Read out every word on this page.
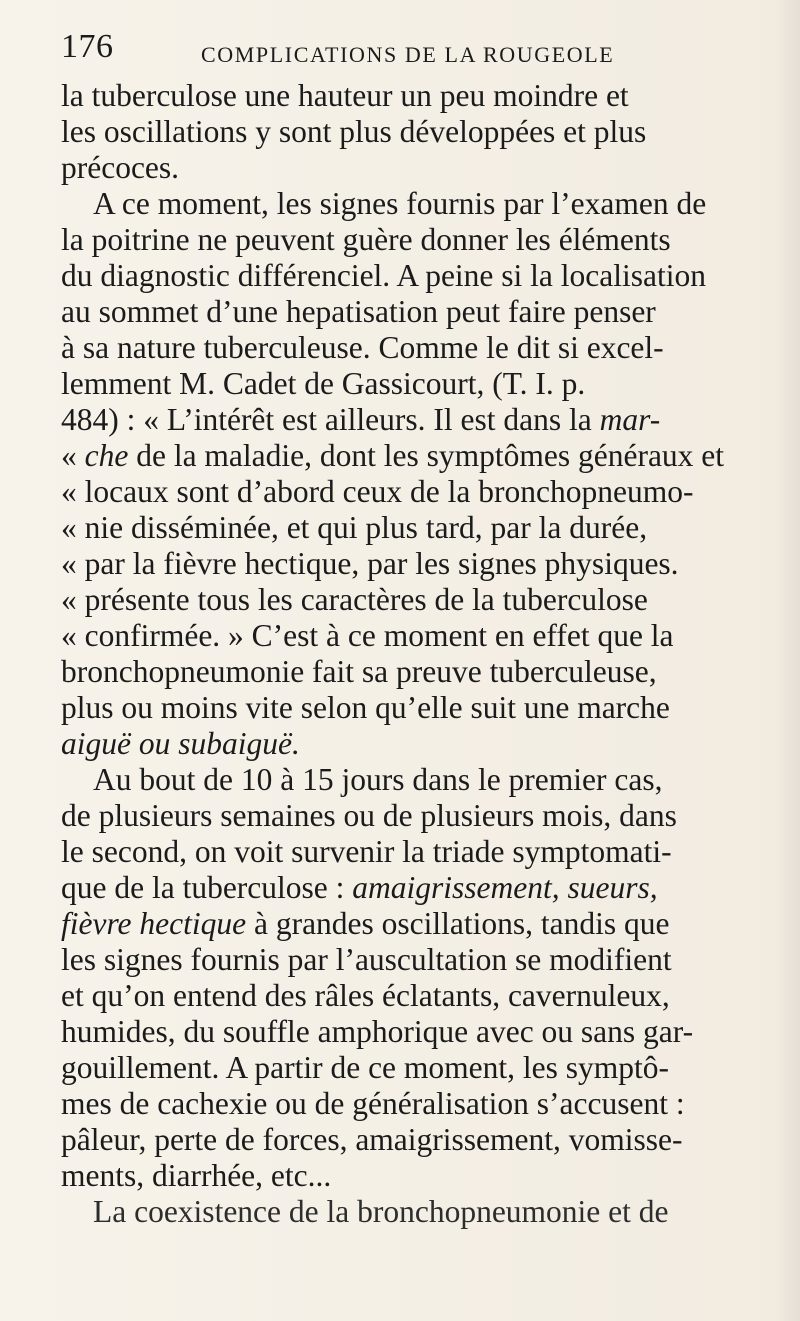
176	COMPLICATIONS DE LA ROUGEOLE
la tuberculose une hauteur un peu moindre et
les oscillations y sont plus développées et plus
précoces.
A ce moment, les signes fournis par l’examen de
la poitrine ne peuvent guère donner les éléments
du diagnostic différenciel. A peine si la localisation
au sommet d’une hepatisation peut faire penser
à sa nature tuberculeuse. Comme le dit si excel-
lemment M. Cadet de Gassicourt, (T. I. p.
484) : « L’intérêt est ailleurs. Il est dans la mar-
« che de la maladie, dont les symptômes généraux et
« locaux sont d’abord ceux de la bronchopneumo-
« nie disséminée, et qui plus tard, par la durée,
« par la fièvre hectique, par les signes physiques.
« présente tous les caractères de la tuberculose
« confirmée. » C’est à ce moment en effet que la
bronchopneumonie fait sa preuve tuberculeuse,
plus ou moins vite selon qu’elle suit une marche
aiguë ou subaiguë.
Au bout de 10 à 15 jours dans le premier cas,
de plusieurs semaines ou de plusieurs mois, dans
le second, on voit survenir la triade symptomati-
que de la tuberculose : amaigrissement, sueurs,
fièvre hectique à grandes oscillations, tandis que
les signes fournis par l’auscultation se modifient
et qu’on entend des râles éclatants, cavernuleux,
humides, du souffle amphorique avec ou sans gar-
gouillement. A partir de ce moment, les symptô-
mes de cachexie ou de généralisation s’accusent :
pâleur, perte de forces, amaigrissement, vomisse-
ments, diarrhée, etc...
La coexistence de la bronchopneumonie et de
